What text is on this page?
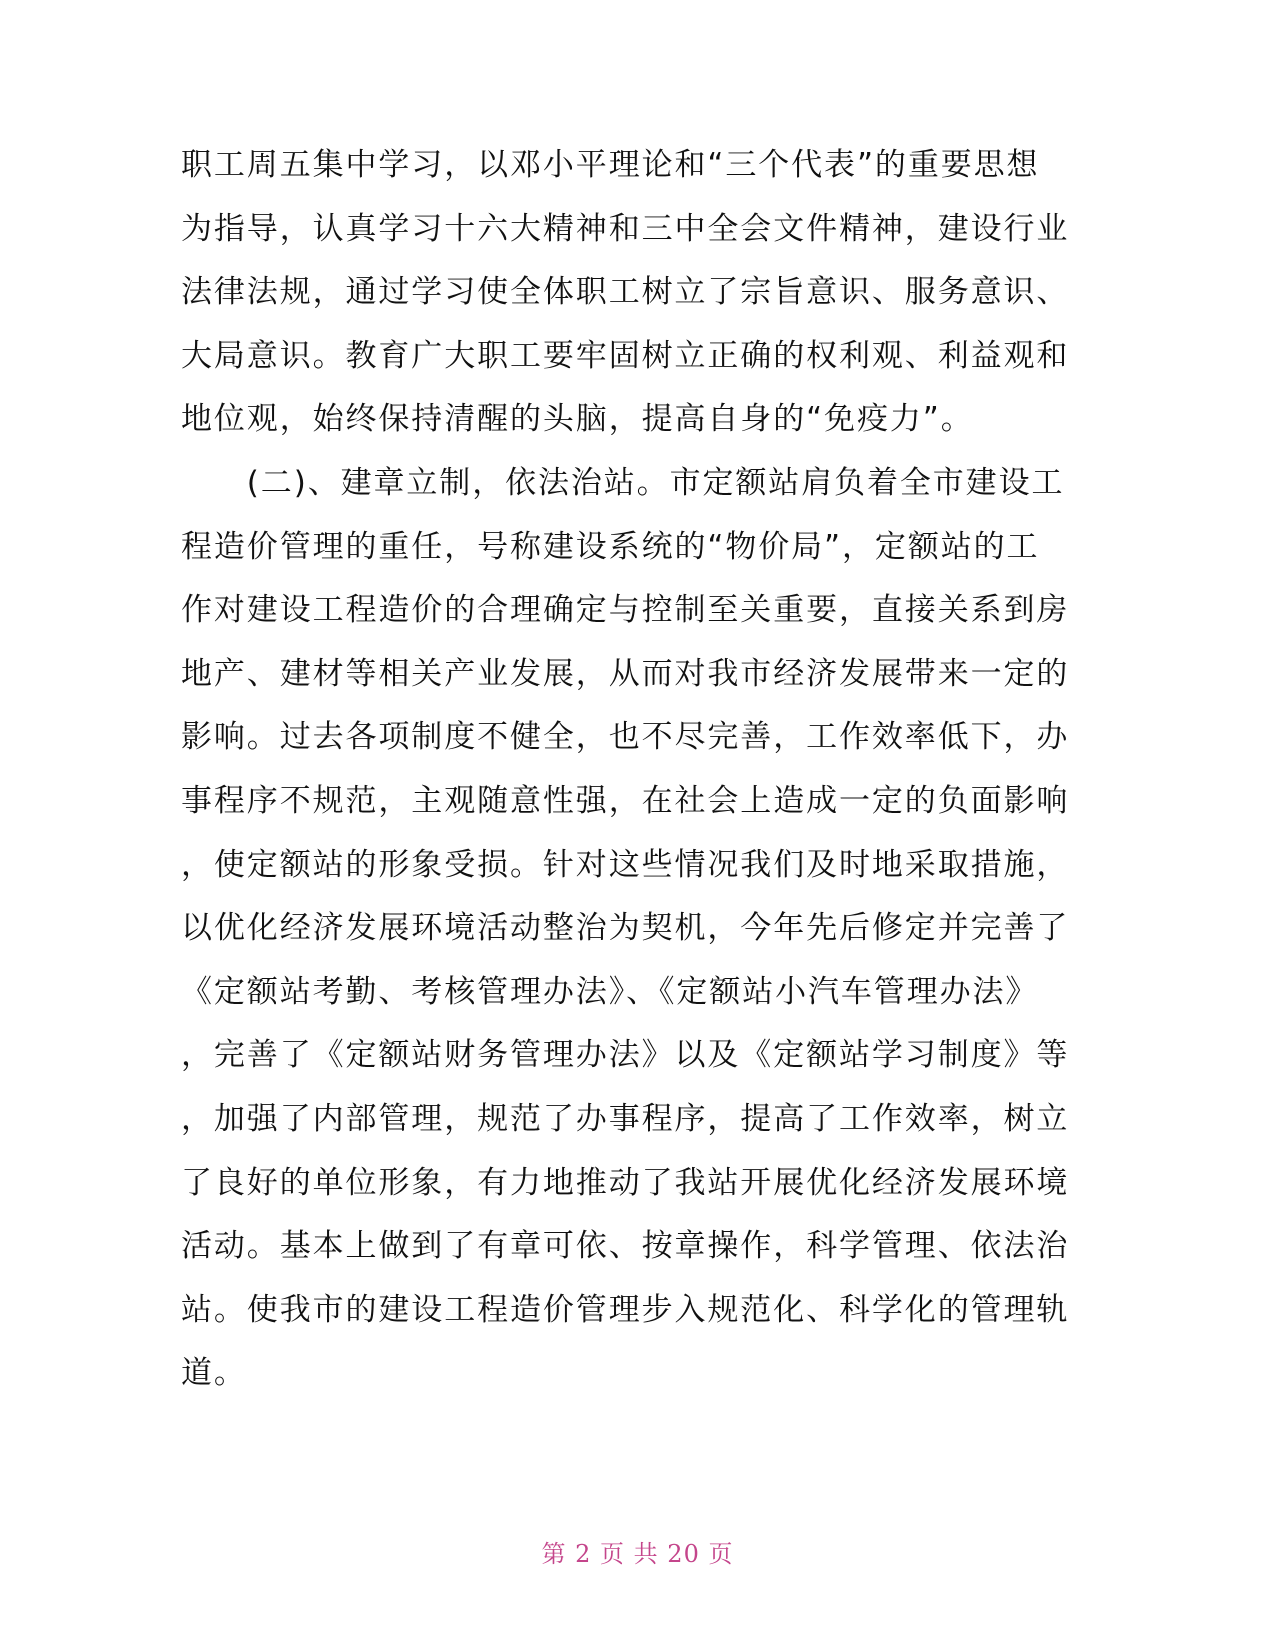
职工周五集中学习，以邓小平理论和“三个代表”的重要思想
为指导，认真学习十六大精神和三中全会文件精神，建设行业
法律法规，通过学习使全体职工树立了宗旨意识、服务意识、
大局意识。教育广大职工要牢固树立正确的权利观、利益观和
地位观，始终保持清醒的头脑，提高自身的“免疫力”。
　　(二)、建章立制，依法治站。市定额站肩负着全市建设工
程造价管理的重任，号称建设系统的“物价局”，定额站的工
作对建设工程造价的合理确定与控制至关重要，直接关系到房
地产、建材等相关产业发展，从而对我市经济发展带来一定的
影响。过去各项制度不健全，也不尽完善，工作效率低下，办
事程序不规范，主观随意性强，在社会上造成一定的负面影响
，使定额站的形象受损。针对这些情况我们及时地采取措施，
以优化经济发展环境活动整治为契机，今年先后修定并完善了
《定额站考勤、考核管理办法》、《定额站小汽车管理办法》
，完善了《定额站财务管理办法》以及《定额站学习制度》等
，加强了内部管理，规范了办事程序，提高了工作效率，树立
了良好的单位形象，有力地推动了我站开展优化经济发展环境
活动。基本上做到了有章可依、按章操作，科学管理、依法治
站。使我市的建设工程造价管理步入规范化、科学化的管理轨
道。
第 2 页 共 20 页
